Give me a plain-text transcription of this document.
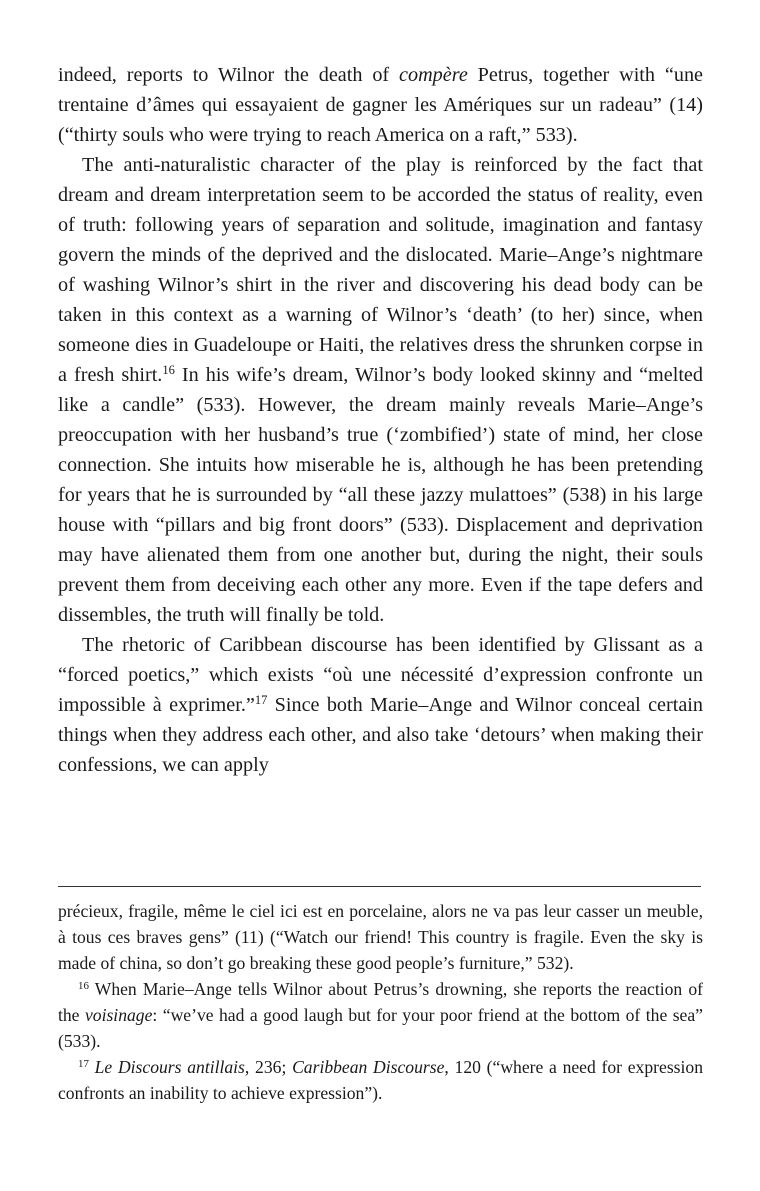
indeed, reports to Wilnor the death of compère Petrus, together with “une trentaine d’âmes qui essayaient de gagner les Amériques sur un radeau” (14) (“thirty souls who were trying to reach America on a raft,” 533).

The anti-naturalistic character of the play is reinforced by the fact that dream and dream interpretation seem to be accorded the status of reality, even of truth: following years of separation and solitude, imagination and fantasy govern the minds of the deprived and the dislocated. Marie–Ange’s nightmare of washing Wilnor’s shirt in the river and discovering his dead body can be taken in this context as a warning of Wilnor’s ‘death’ (to her) since, when someone dies in Guadeloupe or Haiti, the relatives dress the shrunken corpse in a fresh shirt.$^{16}$ In his wife’s dream, Wilnor’s body looked skinny and “melted like a candle” (533). However, the dream mainly reveals Marie–Ange’s preoccupation with her husband’s true (‘zombified’) state of mind, her close connection. She intuits how miserable he is, although he has been pretending for years that he is surrounded by “all these jazzy mulattoes” (538) in his large house with “pillars and big front doors” (533). Displacement and deprivation may have alienated them from one another but, during the night, their souls prevent them from deceiving each other any more. Even if the tape defers and dissembles, the truth will finally be told.

The rhetoric of Caribbean discourse has been identified by Glissant as a “forced poetics,” which exists “où une nécessité d’expression confronte un impossible à exprimer.”$^{17}$ Since both Marie–Ange and Wilnor conceal certain things when they address each other, and also take ‘detours’ when making their confessions, we can apply

précieux, fragile, même le ciel ici est en porcelaine, alors ne va pas leur casser un meuble, à tous ces braves gens” (11) (“Watch our friend! This country is fragile. Even the sky is made of china, so don’t go breaking these good people’s furniture,” 532).

$^{16}$ When Marie–Ange tells Wilnor about Petrus’s drowning, she reports the reaction of the voisinage: “we’ve had a good laugh but for your poor friend at the bottom of the sea” (533).

$^{17}$ Le Discours antillais, 236; Caribbean Discourse, 120 (“where a need for expression confronts an inability to achieve expression”).
